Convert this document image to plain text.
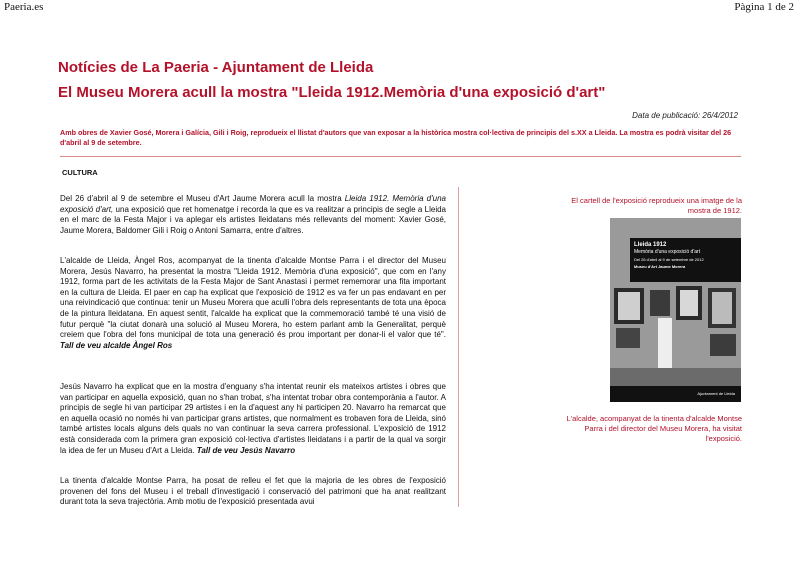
Paeria.es	Pàgina 1 de 2
Notícies de La Paeria - Ajuntament de Lleida
El Museu Morera acull la mostra "Lleida 1912.Memòria d'una exposició d'art"
Data de publicació: 26/4/2012
Amb obres de Xavier Gosé, Morera i Galícia, Gili i Roig, reprodueix el llistat d'autors que van exposar a la històrica mostra col·lectiva de principis del s.XX a Lleida. La mostra es podrà visitar del 26 d'abril al 9 de setembre.
CULTURA
Del 26 d'abril al 9 de setembre el Museu d'Art Jaume Morera acull la mostra Lleida 1912. Memòria d'una exposició d'art, una exposició que ret homenatge i recorda la que es va realitzar a principis de segle a Lleida en el marc de la Festa Major i va aplegar els artistes lleidatans més rellevants del moment: Xavier Gosé, Jaume Morera, Baldomer Gili i Roig o Antoni Samarra, entre d'altres.
L'alcalde de Lleida, Àngel Ros, acompanyat de la tinenta d'alcalde Montse Parra i el director del Museu Morera, Jesús Navarro, ha presentat la mostra "Lleida 1912. Memòria d'una exposició", que com en l'any 1912, forma part de les activitats de la Festa Major de Sant Anastasi i permet rememorar una fita important en la cultura de Lleida. El paer en cap ha explicat que l'exposició de 1912 es va fer un pas endavant en per una reivindicació que continua: tenir un Museu Morera que aculli l'obra dels representants de tota una època de la pintura lleidatana. En aquest sentit, l'alcalde ha explicat que la commemoració també té una visió de futur perquè "la ciutat donarà una solució al Museu Morera, ho estem parlant amb la Generalitat, perquè creiem que l'obra del fons municipal de tota una generació és prou important per donar-li el valor que té". Tall de veu alcalde Àngel Ros
Jesús Navarro ha explicat que en la mostra d'enguany s'ha intentat reunir els mateixos artistes i obres que van participar en aquella exposició, quan no s'han trobat, s'ha intentat trobar obra contemporània a l'autor. A principis de segle hi van participar 29 artistes i en la d'aquest any hi participen 20. Navarro ha remarcat que en aquella ocasió no només hi van participar grans artistes, que normalment es trobaven fora de Lleida, sinó també artistes locals alguns dels quals no van continuar la seva carrera professional. L'exposició de 1912 està considerada com la primera gran exposició col·lectiva d'artistes lleidatans i a partir de la qual va sorgir la idea de fer un Museu d'Art a Lleida. Tall de veu Jesús Navarro
La tinenta d'alcalde Montse Parra, ha posat de relleu el fet que la majoria de les obres de l'exposició provenen del fons del Museu i el treball d'investigació i conservació del patrimoni que ha anat realitzant durant tota la seva trajectòria. Amb motiu de l'exposició presentada avui
El cartell de l'exposició reprodueix una imatge de la mostra de 1912.
Lleida 1912
Memòria d'una exposició d'art
Del 26 d'abril al 9 de setembre de 2012
Museu d'Art Jaume Morera
Ajuntament de Lleida
L'alcalde, acompanyat de la tinenta d'alcalde Montse Parra i del director del Museu Morera, ha visitat l'exposició.
